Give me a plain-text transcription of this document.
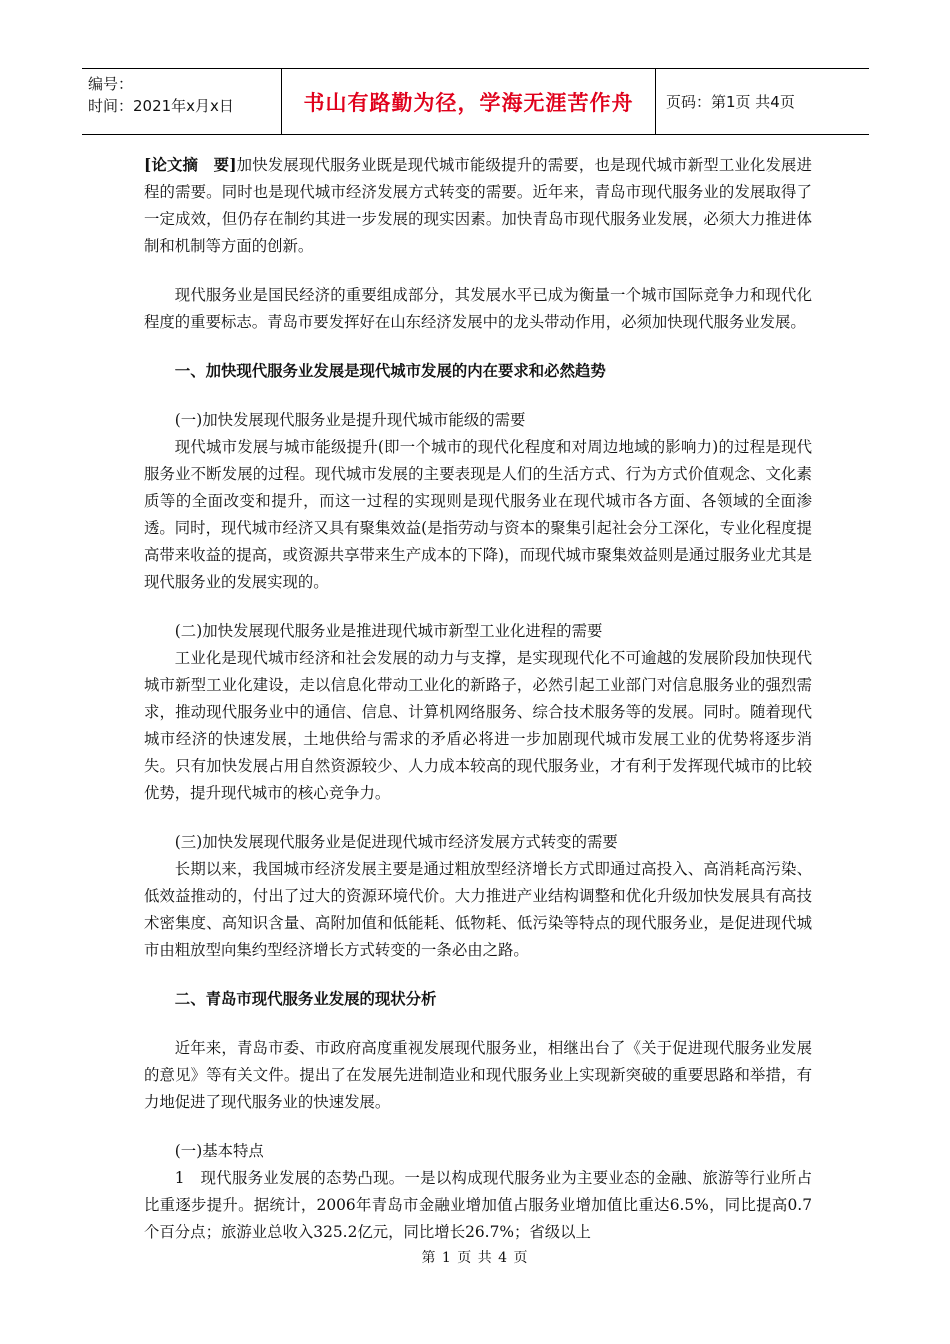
编号：
时间：2021年x月x日	书山有路勤为径，学海无涯苦作舟	页码：第1页 共4页

[论文摘　要]加快发展现代服务业既是现代城市能级提升的需要，也是现代城市新型工业化发展进程的需要。同时也是现代城市经济发展方式转变的需要。近年来，青岛市现代服务业的发展取得了一定成效，但仍存在制约其进一步发展的现实因素。加快青岛市现代服务业发展，必须大力推进体制和机制等方面的创新。

现代服务业是国民经济的重要组成部分，其发展水平已成为衡量一个城市国际竞争力和现代化程度的重要标志。青岛市要发挥好在山东经济发展中的龙头带动作用，必须加快现代服务业发展。

一、加快现代服务业发展是现代城市发展的内在要求和必然趋势

(一)加快发展现代服务业是提升现代城市能级的需要

现代城市发展与城市能级提升(即一个城市的现代化程度和对周边地域的影响力)的过程是现代服务业不断发展的过程。现代城市发展的主要表现是人们的生活方式、行为方式价值观念、文化素质等的全面改变和提升，而这一过程的实现则是现代服务业在现代城市各方面、各领域的全面渗透。同时，现代城市经济又具有聚集效益(是指劳动与资本的聚集引起社会分工深化，专业化程度提高带来收益的提高，或资源共享带来生产成本的下降)，而现代城市聚集效益则是通过服务业尤其是现代服务业的发展实现的。

(二)加快发展现代服务业是推进现代城市新型工业化进程的需要

工业化是现代城市经济和社会发展的动力与支撑，是实现现代化不可逾越的发展阶段加快现代城市新型工业化建设，走以信息化带动工业化的新路子，必然引起工业部门对信息服务业的强烈需求，推动现代服务业中的通信、信息、计算机网络服务、综合技术服务等的发展。同时。随着现代城市经济的快速发展，土地供给与需求的矛盾必将进一步加剧现代城市发展工业的优势将逐步消失。只有加快发展占用自然资源较少、人力成本较高的现代服务业，才有利于发挥现代城市的比较优势，提升现代城市的核心竞争力。

(三)加快发展现代服务业是促进现代城市经济发展方式转变的需要

长期以来，我国城市经济发展主要是通过粗放型经济增长方式即通过高投入、高消耗高污染、低效益推动的，付出了过大的资源环境代价。大力推进产业结构调整和优化升级加快发展具有高技术密集度、高知识含量、高附加值和低能耗、低物耗、低污染等特点的现代服务业，是促进现代城市由粗放型向集约型经济增长方式转变的一条必由之路。

二、青岛市现代服务业发展的现状分析

近年来，青岛市委、市政府高度重视发展现代服务业，相继出台了《关于促进现代服务业发展的意见》等有关文件。提出了在发展先进制造业和现代服务业上实现新突破的重要思路和举措，有力地促进了现代服务业的快速发展。

(一)基本特点

1　现代服务业发展的态势凸现。一是以构成现代服务业为主要业态的金融、旅游等行业所占比重逐步提升。据统计，2006年青岛市金融业增加值占服务业增加值比重达6.5%，同比提高0.7个百分点；旅游业总收入325.2亿元，同比增长26.7%；省级以上

第 1 页 共 4 页
